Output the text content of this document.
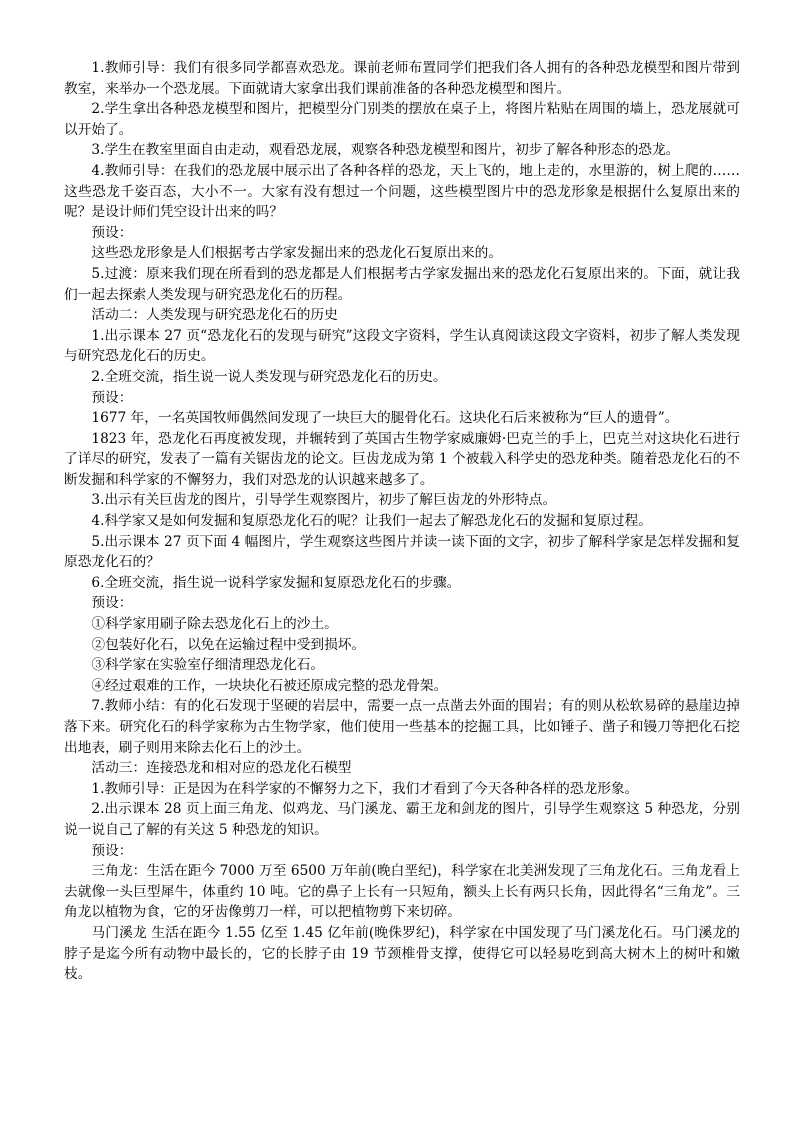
1.教师引导：我们有很多同学都喜欢恐龙。课前老师布置同学们把我们各人拥有的各种恐龙模型和图片带到教室，来举办一个恐龙展。下面就请大家拿出我们课前准备的各种恐龙模型和图片。

2.学生拿出各种恐龙模型和图片，把模型分门别类的摆放在桌子上，将图片粘贴在周围的墙上，恐龙展就可以开始了。

3.学生在教室里面自由走动，观看恐龙展，观察各种恐龙模型和图片，初步了解各种形态的恐龙。

4.教师引导：在我们的恐龙展中展示出了各种各样的恐龙，天上飞的，地上走的，水里游的，树上爬的……这些恐龙千姿百态，大小不一。大家有没有想过一个问题，这些模型图片中的恐龙形象是根据什么复原出来的呢？是设计师们凭空设计出来的吗？

预设：

这些恐龙形象是人们根据考古学家发掘出来的恐龙化石复原出来的。

5.过渡：原来我们现在所看到的恐龙都是人们根据考古学家发掘出来的恐龙化石复原出来的。下面，就让我们一起去探索人类发现与研究恐龙化石的历程。

活动二：人类发现与研究恐龙化石的历史

1.出示课本 27 页“恐龙化石的发现与研究”这段文字资料，学生认真阅读这段文字资料，初步了解人类发现与研究恐龙化石的历史。

2.全班交流，指生说一说人类发现与研究恐龙化石的历史。

预设：

1677 年，一名英国牧师偶然间发现了一块巨大的腿骨化石。这块化石后来被称为“巨人的遗骨”。

1823 年，恐龙化石再度被发现，并辗转到了英国古生物学家威廉姆·巴克兰的手上，巴克兰对这块化石进行了详尽的研究，发表了一篇有关锯齿龙的论文。巨齿龙成为第 1 个被载入科学史的恐龙种类。随着恐龙化石的不断发掘和科学家的不懈努力，我们对恐龙的认识越来越多了。

3.出示有关巨齿龙的图片，引导学生观察图片，初步了解巨齿龙的外形特点。

4.科学家又是如何发掘和复原恐龙化石的呢？让我们一起去了解恐龙化石的发掘和复原过程。

5.出示课本 27 页下面 4 幅图片，学生观察这些图片并读一读下面的文字，初步了解科学家是怎样发掘和复原恐龙化石的？

6.全班交流，指生说一说科学家发掘和复原恐龙化石的步骤。

预设：

①科学家用刷子除去恐龙化石上的沙土。

②包装好化石，以免在运输过程中受到损坏。

③科学家在实验室仔细清理恐龙化石。

④经过艰难的工作，一块块化石被还原成完整的恐龙骨架。

7.教师小结：有的化石发现于坚硬的岩层中，需要一点一点凿去外面的围岩；有的则从松软易碎的悬崖边掉落下来。研究化石的科学家称为古生物学家，他们使用一些基本的挖掘工具，比如锤子、凿子和镘刀等把化石挖出地表，刷子则用来除去化石上的沙土。

活动三：连接恐龙和相对应的恐龙化石模型

1.教师引导：正是因为在科学家的不懈努力之下，我们才看到了今天各种各样的恐龙形象。

2.出示课本 28 页上面三角龙、似鸡龙、马门溪龙、霸王龙和剑龙的图片，引导学生观察这 5 种恐龙，分别说一说自己了解的有关这 5 种恐龙的知识。

预设：

三角龙：生活在距今 7000 万至 6500 万年前(晚白垩纪)，科学家在北美洲发现了三角龙化石。三角龙看上去就像一头巨型犀牛，体重约 10 吨。它的鼻子上长有一只短角，额头上长有两只长角，因此得名“三角龙”。三角龙以植物为食，它的牙齿像剪刀一样，可以把植物剪下来切碎。

马门溪龙 生活在距今 1.55 亿至 1.45 亿年前(晚侏罗纪)，科学家在中国发现了马门溪龙化石。马门溪龙的脖子是迄今所有动物中最长的，它的长脖子由 19 节颈椎骨支撑，使得它可以轻易吃到高大树木上的树叶和嫩枝。
